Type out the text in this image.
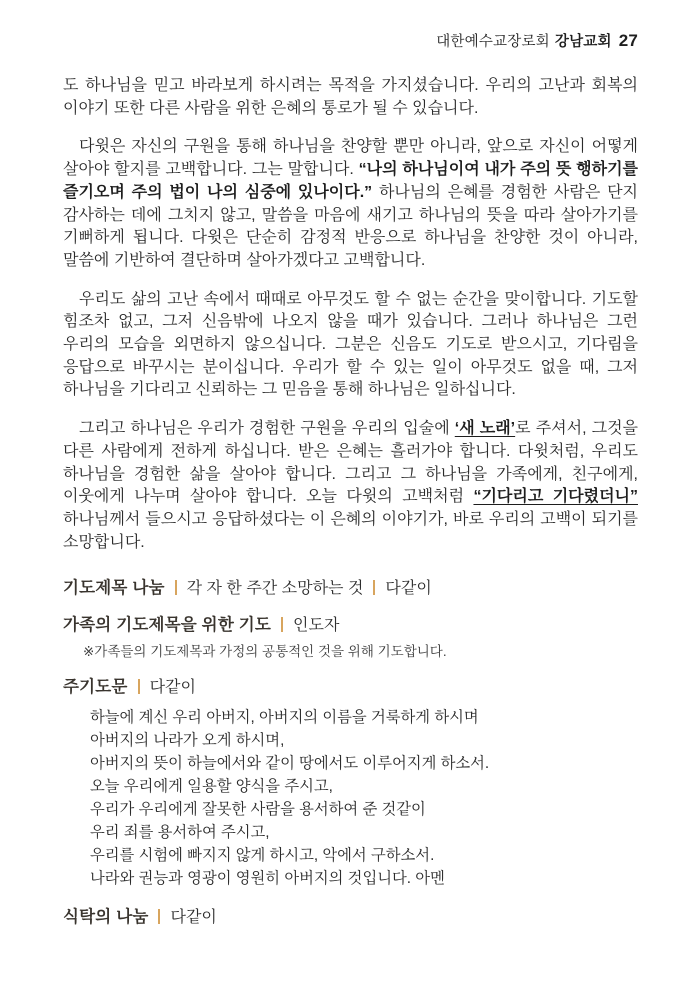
대한예수교장로회 강남교회 27

도 하나님을 믿고 바라보게 하시려는 목적을 가지셨습니다. 우리의 고난과 회복의 이야기 또한 다른 사람을 위한 은혜의 통로가 될 수 있습니다.

다윗은 자신의 구원을 통해 하나님을 찬양할 뿐만 아니라, 앞으로 자신이 어떻게 살아야 할지를 고백합니다. 그는 말합니다. “나의 하나님이여 내가 주의 뜻 행하기를 즐기오며 주의 법이 나의 심중에 있나이다.” 하나님의 은혜를 경험한 사람은 단지 감사하는 데에 그치지 않고, 말씀을 마음에 새기고 하나님의 뜻을 따라 살아가기를 기뻐하게 됩니다. 다윗은 단순히 감정적 반응으로 하나님을 찬양한 것이 아니라, 말씀에 기반하여 결단하며 살아가겠다고 고백합니다.

우리도 삶의 고난 속에서 때때로 아무것도 할 수 없는 순간을 맞이합니다. 기도할 힘조차 없고, 그저 신음밖에 나오지 않을 때가 있습니다. 그러나 하나님은 그런 우리의 모습을 외면하지 않으십니다. 그분은 신음도 기도로 받으시고, 기다림을 응답으로 바꾸시는 분이십니다. 우리가 할 수 있는 일이 아무것도 없을 때, 그저 하나님을 기다리고 신뢰하는 그 믿음을 통해 하나님은 일하십니다.

그리고 하나님은 우리가 경험한 구원을 우리의 입술에 ‘새 노래’로 주셔서, 그것을 다른 사람에게 전하게 하십니다. 받은 은혜는 흘러가야 합니다. 다윗처럼, 우리도 하나님을 경험한 삶을 살아야 합니다. 그리고 그 하나님을 가족에게, 친구에게, 이웃에게 나누며 살아야 합니다. 오늘 다윗의 고백처럼 “기다리고 기다렸더니” 하나님께서 들으시고 응답하셨다는 이 은혜의 이야기가, 바로 우리의 고백이 되기를 소망합니다.

기도제목 나눔 각 자 한 주간 소망하는 것 다같이
가족의 기도제목을 위한 기도 인도자
※가족들의 기도제목과 가정의 공통적인 것을 위해 기도합니다.
주기도문 다같이
하늘에 계신 우리 아버지, 아버지의 이름을 거룩하게 하시며
아버지의 나라가 오게 하시며,
아버지의 뜻이 하늘에서와 같이 땅에서도 이루어지게 하소서.
오늘 우리에게 일용할 양식을 주시고,
우리가 우리에게 잘못한 사람을 용서하여 준 것같이
우리 죄를 용서하여 주시고,
우리를 시험에 빠지지 않게 하시고, 악에서 구하소서.
나라와 권능과 영광이 영원히 아버지의 것입니다. 아멘
식탁의 나눔 다같이
